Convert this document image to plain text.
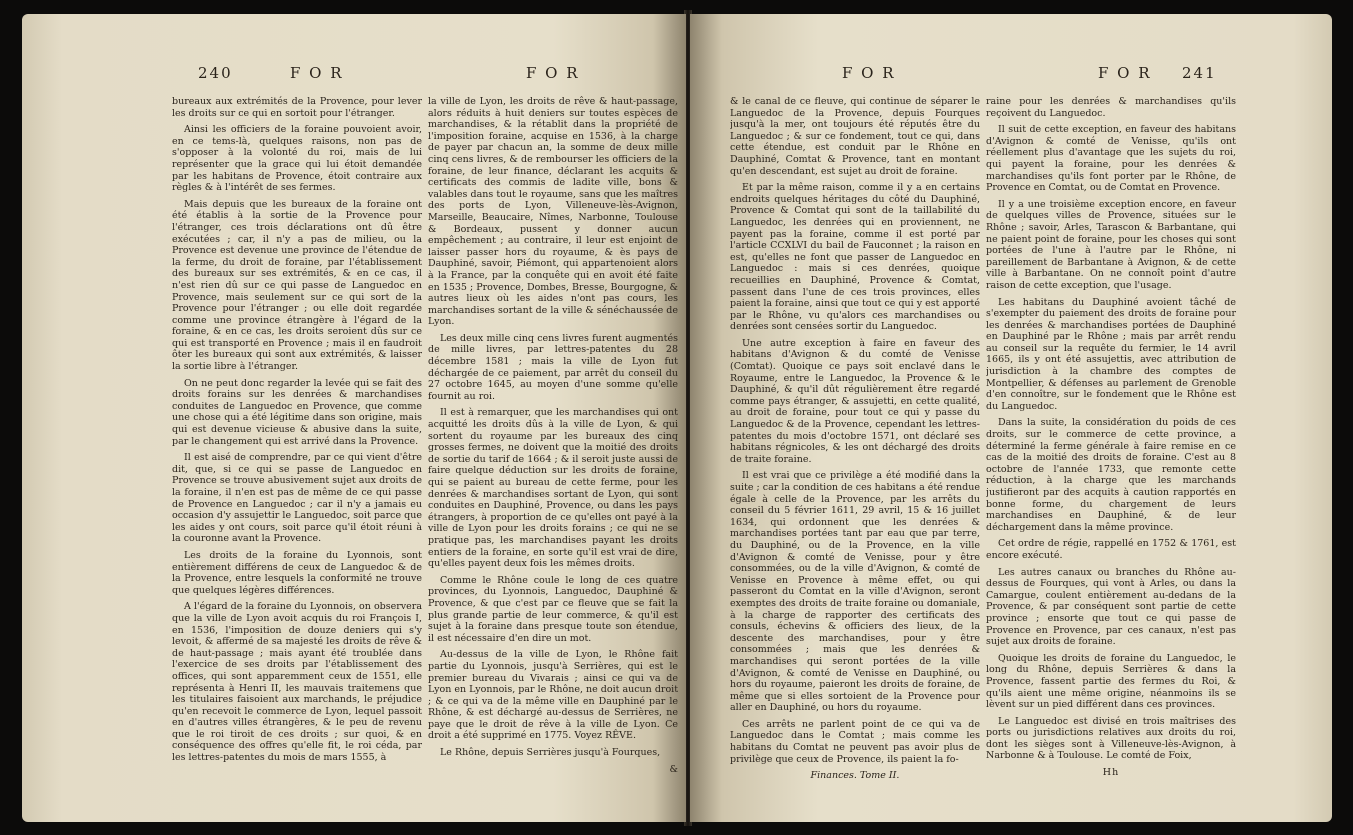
240	F O R	F O R

bureaux aux extrémités de la Provence, pour lever les droits sur ce qui en sortoit pour l'étranger.

Ainsi les officiers de la foraine pouvoient avoir, en ce tems-là, quelques raisons, non pas de s'opposer à la volonté du roi, mais de lui représenter que la grace qui lui étoit demandée par les habitans de Provence, étoit contraire aux règles & à l'intérêt de ses fermes.

Mais depuis que les bureaux de la foraine ont été établis à la sortie de la Provence pour l'étranger, ces trois déclarations ont dû être exécutées ; car, il n'y a pas de milieu, ou la Provence est devenue une province de l'étendue de la ferme, du droit de foraine, par l'établissement des bureaux sur ses extrémités, & en ce cas, il n'est rien dû sur ce qui passe de Languedoc en Provence, mais seulement sur ce qui sort de la Provence pour l'étranger ; ou elle doit regardée comme une province étrangère à l'égard de la foraine, & en ce cas, les droits seroient dûs sur ce qui est transporté en Provence ; mais il en faudroit ôter les bureaux qui sont aux extrémités, & laisser la sortie libre à l'étranger.

On ne peut donc regarder la levée qui se fait des droits forains sur les denrées & marchandises conduites de Languedoc en Provence, que comme une chose qui a été légitime dans son origine, mais qui est devenue vicieuse & abusive dans la suite, par le changement qui est arrivé dans la Provence.

Il est aisé de comprendre, par ce qui vient d'être dit, que, si ce qui se passe de Languedoc en Provence se trouve abusivement sujet aux droits de la foraine, il n'en est pas de même de ce qui passe de Provence en Languedoc ; car il n'y a jamais eu occasion d'y assujettir le Languedoc, soit parce que les aides y ont cours, soit parce qu'il étoit réuni à la couronne avant la Provence.

Les droits de la foraine du Lyonnois, sont entièrement différens de ceux de Languedoc & de la Provence, entre lesquels la conformité ne trouve que quelques légères différences.

A l'égard de la foraine du Lyonnois, on observera que la ville de Lyon avoit acquis du roi François I, en 1536, l'imposition de douze deniers qui s'y levoit, & affermé de sa majesté les droits de rêve & de haut-passage ; mais ayant été troublée dans l'exercice de ses droits par l'établissement des offices, qui sont apparemment ceux de 1551, elle représenta à Henri II, les mauvais traitemens que les titulaires faisoient aux marchands, le préjudice qu'en recevoit le commerce de Lyon, lequel passoit en d'autres villes étrangères, & le peu de revenu que le roi tiroit de ces droits ; sur quoi, & en conséquence des offres qu'elle fit, le roi céda, par les lettres-patentes du mois de mars 1555, à

la ville de Lyon, les droits de rêve & haut-passage, alors réduits à huit deniers sur toutes espèces de marchandises, & la rétablit dans la propriété de l'imposition foraine, acquise en 1536, à la charge de payer par chacun an, la somme de deux mille cinq cens livres, & de rembourser les officiers de la foraine, de leur finance, déclarant les acquits & certificats des commis de ladite ville, bons & valables dans tout le royaume, sans que les maîtres des ports de Lyon, Villeneuve-lès-Avignon, Marseille, Beaucaire, Nîmes, Narbonne, Toulouse & Bordeaux, pussent y donner aucun empêchement ; au contraire, il leur est enjoint de laisser passer hors du royaume, & ès pays de Dauphiné, savoir, Piémont, qui appartenoient alors à la France, par la conquête qui en avoit été faite en 1535 ; Provence, Dombes, Bresse, Bourgogne, & autres lieux où les aides n'ont pas cours, les marchandises sortant de la ville & sénéchaussée de Lyon.

Les deux mille cinq cens livres furent augmentés de mille livres, par lettres-patentes du 28 décembre 1581 ; mais la ville de Lyon fut déchargée de ce paiement, par arrêt du conseil du 27 octobre 1645, au moyen d'une somme qu'elle fournit au roi.

Il est à remarquer, que les marchandises qui ont acquitté les droits dûs à la ville de Lyon, & qui sortent du royaume par les bureaux des cinq grosses fermes, ne doivent que la moitié des droits de sortie du tarif de 1664 ; & il seroit juste aussi de faire quelque déduction sur les droits de foraine, qui se paient au bureau de cette ferme, pour les denrées & marchandises sortant de Lyon, qui sont conduites en Dauphiné, Provence, ou dans les pays étrangers, à proportion de ce qu'elles ont payé à la ville de Lyon pour les droits forains ; ce qui ne se pratique pas, les marchandises payant les droits entiers de la foraine, en sorte qu'il est vrai de dire, qu'elles payent deux fois les mêmes droits.

Comme le Rhône coule le long de ces quatre provinces, du Lyonnois, Languedoc, Dauphiné & Provence, & que c'est par ce fleuve que se fait la plus grande partie de leur commerce, & qu'il est sujet à la foraine dans presque toute son étendue, il est nécessaire d'en dire un mot.

Au-dessus de la ville de Lyon, le Rhône fait partie du Lyonnois, jusqu'à Serrières, qui est le premier bureau du Vivarais ; ainsi ce qui va de Lyon en Lyonnois, par le Rhône, ne doit aucun droit ; & ce qui va de la même ville en Dauphiné par le Rhône, & est déchargé au-dessus de Serrières, ne paye que le droit de rêve à la ville de Lyon. Ce droit a été supprimé en 1775. Voyez RÊVE.

Le Rhône, depuis Serrières jusqu'à Fourques,

&
F O R	F O R 241

& le canal de ce fleuve, qui continue de séparer le Languedoc de la Provence, depuis Fourques jusqu'à la mer, ont toujours été réputés être du Languedoc ; & sur ce fondement, tout ce qui, dans cette étendue, est conduit par le Rhône en Dauphiné, Comtat & Provence, tant en montant qu'en descendant, est sujet au droit de foraine.

Et par la même raison, comme il y a en certains endroits quelques héritages du côté du Dauphiné, Provence & Comtat qui sont de la taillabilité du Languedoc, les denrées qui en proviennent, ne payent pas la foraine, comme il est porté par l'article CCXLVI du bail de Fauconnet ; la raison en est, qu'elles ne font que passer de Languedoc en Languedoc : mais si ces denrées, quoique recueillies en Dauphiné, Provence & Comtat, passent dans l'une de ces trois provinces, elles paient la foraine, ainsi que tout ce qui y est apporté par le Rhône, vu qu'alors ces marchandises ou denrées sont censées sortir du Languedoc.

Une autre exception à faire en faveur des habitans d'Avignon & du comté de Venisse (Comtat). Quoique ce pays soit enclavé dans le Royaume, entre le Languedoc, la Provence & le Dauphiné, & qu'il dût régulièrement être regardé comme pays étranger, & assujetti, en cette qualité, au droit de foraine, pour tout ce qui y passe du Languedoc & de la Provence, cependant les lettres-patentes du mois d'octobre 1571, ont déclaré ses habitans régnicoles, & les ont déchargé des droits de traite foraine.

Il est vrai que ce privilège a été modifié dans la suite ; car la condition de ces habitans a été rendue égale à celle de la Provence, par les arrêts du conseil du 5 février 1611, 29 avril, 15 & 16 juillet 1634, qui ordonnent que les denrées & marchandises portées tant par eau que par terre, du Dauphiné, ou de la Provence, en la ville d'Avignon & comté de Venisse, pour y être consommées, ou de la ville d'Avignon, & comté de Venisse en Provence à même effet, ou qui passeront du Comtat en la ville d'Avignon, seront exemptes des droits de traite foraine ou domaniale, à la charge de rapporter des certificats des consuls, échevins & officiers des lieux, de la descente des marchandises, pour y être consommées ; mais que les denrées & marchandises qui seront portées de la ville d'Avignon, & comté de Venisse en Dauphiné, ou hors du royaume, paieront les droits de foraine, de même que si elles sortoient de la Provence pour aller en Dauphiné, ou hors du royaume.

Ces arrêts ne parlent point de ce qui va de Languedoc dans le Comtat ; mais comme les habitans du Comtat ne peuvent pas avoir plus de privilège que ceux de Provence, ils paient la fo-

Finances. Tome II.

raine pour les denrées & marchandises qu'ils reçoivent du Languedoc.

Il suit de cette exception, en faveur des habitans d'Avignon & comté de Venisse, qu'ils ont réellement plus d'avantage que les sujets du roi, qui payent la foraine, pour les denrées & marchandises qu'ils font porter par le Rhône, de Provence en Comtat, ou de Comtat en Provence.

Il y a une troisième exception encore, en faveur de quelques villes de Provence, situées sur le Rhône ; savoir, Arles, Tarascon & Barbantane, qui ne paient point de foraine, pour les choses qui sont portées de l'une à l'autre par le Rhône, ni pareillement de Barbantane à Avignon, & de cette ville à Barbantane. On ne connoît point d'autre raison de cette exception, que l'usage.

Les habitans du Dauphiné avoient tâché de s'exempter du paiement des droits de foraine pour les denrées & marchandises portées de Dauphiné en Dauphiné par le Rhône ; mais par arrêt rendu au conseil sur la requête du fermier, le 14 avril 1665, ils y ont été assujettis, avec attribution de jurisdiction à la chambre des comptes de Montpellier, & défenses au parlement de Grenoble d'en connoître, sur le fondement que le Rhône est du Languedoc.

Dans la suite, la considération du poids de ces droits, sur le commerce de cette province, a déterminé la ferme générale à faire remise en ce cas de la moitié des droits de foraine. C'est au 8 octobre de l'année 1733, que remonte cette réduction, à la charge que les marchands justifieront par des acquits à caution rapportés en bonne forme, du chargement de leurs marchandises en Dauphiné, & de leur déchargement dans la même province.

Cet ordre de régie, rappellé en 1752 & 1761, est encore exécuté.

Les autres canaux ou branches du Rhône au-dessus de Fourques, qui vont à Arles, ou dans la Camargue, coulent entièrement au-dedans de la Provence, & par conséquent sont partie de cette province ; ensorte que tout ce qui passe de Provence en Provence, par ces canaux, n'est pas sujet aux droits de foraine.

Quoique les droits de foraine du Languedoc, le long du Rhône, depuis Serrières & dans la Provence, fassent partie des fermes du Roi, & qu'ils aient une même origine, néanmoins ils se lèvent sur un pied différent dans ces provinces.

Le Languedoc est divisé en trois maîtrises des ports ou jurisdictions relatives aux droits du roi, dont les sièges sont à Villeneuve-lès-Avignon, à Narbonne & à Toulouse. Le comté de Foix,

Hh
